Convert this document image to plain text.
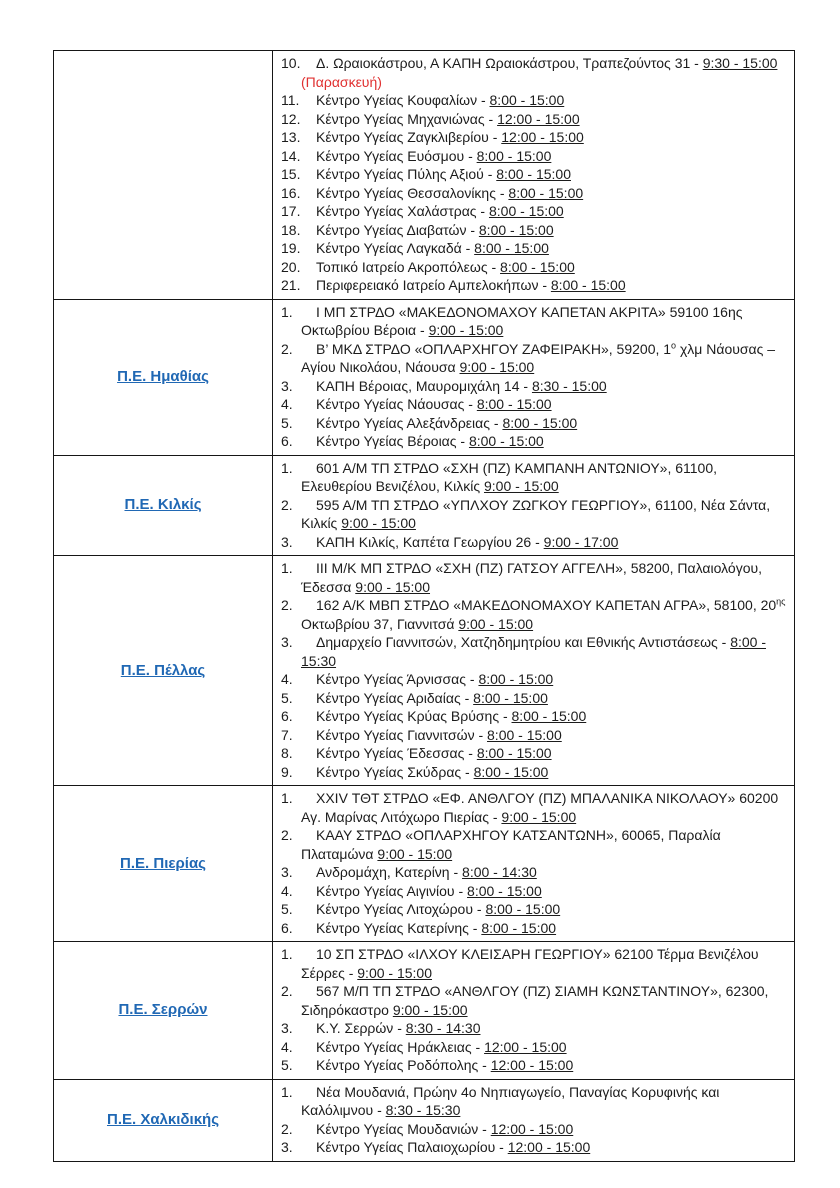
10. Δ. Ωραιοκάστρου, Α ΚΑΠΗ Ωραιοκάστρου, Τραπεζούντος 31 - 9:30 - 15:00
(Παρασκευή)
11. Κέντρο Υγείας Κουφαλίων - 8:00 - 15:00
12. Κέντρο Υγείας Μηχανιώνας - 12:00 - 15:00
13. Κέντρο Υγείας Ζαγκλιβερίου - 12:00 - 15:00
14. Κέντρο Υγείας Ευόσμου - 8:00 - 15:00
15. Κέντρο Υγείας Πύλης Αξιού - 8:00 - 15:00
16. Κέντρο Υγείας Θεσσαλονίκης - 8:00 - 15:00
17. Κέντρο Υγείας Χαλάστρας - 8:00 - 15:00
18. Κέντρο Υγείας Διαβατών - 8:00 - 15:00
19. Κέντρο Υγείας Λαγκαδά - 8:00 - 15:00
20. Τοπικό Ιατρείο Ακροπόλεως - 8:00 - 15:00
21. Περιφερειακό Ιατρείο Αμπελοκήπων - 8:00 - 15:00

Π.Ε. Ημαθίας	
1. Ι ΜΠ ΣΤΡΔΟ «ΜΑΚΕΔΟΝΟΜΑΧΟΥ ΚΑΠΕΤΑΝ ΑΚΡΙΤΑ» 59100 16ης Οκτωβρίου Βέροια - 9:00 - 15:00
2. Β’ ΜΚΔ ΣΤΡΔΟ «ΟΠΛΑΡΧΗΓΟΥ ΖΑΦΕΙΡΑΚΗ», 59200, $1^o$ χλμ Νάουσας – Αγίου Νικολάου, Νάουσα 9:00 - 15:00
3. ΚΑΠΗ Βέροιας, Μαυρομιχάλη 14 - 8:30 - 15:00
4. Κέντρο Υγείας Νάουσας - 8:00 - 15:00
5. Κέντρο Υγείας Αλεξάνδρειας - 8:00 - 15:00
6. Κέντρο Υγείας Βέροιας - 8:00 - 15:00

Π.Ε. Κιλκίς	1. 601 Α/Μ ΤΠ ΣΤΡΔΟ «ΣΧΗ (ΠΖ) ΚΑΜΠΑΝΗ ΑΝΤΩΝΙΟΥ», 61100, Ελευθερίου Βενιζέλου, Κιλκίς 9:00 - 15:00
2. 595 Α/Μ ΤΠ ΣΤΡΔΟ «ΥΠΛΧΟΥ ΖΩΓΚΟΥ ΓΕΩΡΓΙΟΥ», 61100, Νέα Σάντα, Κιλκίς 9:00 - 15:00
3. ΚΑΠΗ Κιλκίς, Καπέτα Γεωργίου 26 - 9:00 - 17:00

Π.Ε. Πέλλας	
1. ΙΙΙ Μ/Κ ΜΠ ΣΤΡΔΟ «ΣΧΗ (ΠΖ) ΓΑΤΣΟΥ ΑΓΓΕΛΗ», 58200, Παλαιολόγου, Έδεσσα 9:00 - 15:00
2. 162 Α/Κ ΜΒΠ ΣΤΡΔΟ «ΜΑΚΕΔΟΝΟΜΑΧΟΥ ΚΑΠΕΤΑΝ ΑΓΡΑ», 58100, $20^{\eta\varsigma}$ Οκτωβρίου 37, Γιαννιτσά 9:00 - 15:00
3. Δημαρχείο Γιαννιτσών, Χατζηδημητρίου και Εθνικής Αντιστάσεως - 8:00 - 15:30
4. Κέντρο Υγείας Άρνισσας - 8:00 - 15:00
5. Κέντρο Υγείας Αριδαίας - 8:00 - 15:00
6. Κέντρο Υγείας Κρύας Βρύσης - 8:00 - 15:00
7. Κέντρο Υγείας Γιαννιτσών - 8:00 - 15:00
8. Κέντρο Υγείας Έδεσσας - 8:00 - 15:00
9. Κέντρο Υγείας Σκύδρας - 8:00 - 15:00

Π.Ε. Πιερίας	
1. XXIV ΤΘΤ ΣΤΡΔΟ «ΕΦ. ΑΝΘΛΓΟΥ (ΠΖ) ΜΠΑΛΑΝΙΚΑ ΝΙΚΟΛΑΟΥ» 60200 Αγ. Μαρίνας Λιτόχωρο Πιερίας - 9:00 - 15:00
2. ΚΑΑΥ ΣΤΡΔΟ «ΟΠΛΑΡΧΗΓΟΥ ΚΑΤΣΑΝΤΩΝΗ», 60065, Παραλία Πλαταμώνα 9:00 - 15:00
3. Ανδρομάχη, Κατερίνη - 8:00 - 14:30
4. Κέντρο Υγείας Αιγινίου - 8:00 - 15:00
5. Κέντρο Υγείας Λιτοχώρου - 8:00 - 15:00
6. Κέντρο Υγείας Κατερίνης - 8:00 - 15:00

Π.Ε. Σερρών	1. 10 ΣΠ ΣΤΡΔΟ «ΙΛΧΟΥ ΚΛΕΙΣΑΡΗ ΓΕΩΡΓΙΟΥ» 62100 Τέρμα Βενιζέλου Σέρρες - 9:00 - 15:00
2. 567 Μ/Π ΤΠ ΣΤΡΔΟ «ΑΝΘΛΓΟΥ (ΠΖ) ΣΙΑΜΗ ΚΩΝΣΤΑΝΤΙΝΟΥ», 62300, Σιδηρόκαστρο 9:00 - 15:00
3. Κ.Υ. Σερρών - 8:30 - 14:30
4. Κέντρο Υγείας Ηράκλειας - 12:00 - 15:00
5. Κέντρο Υγείας Ροδόπολης - 12:00 - 15:00

Π.Ε. Χαλκιδικής	1. Νέα Μουδανιά, Πρώην 4ο Νηπιαγωγείο, Παναγίας Κορυφινής και Καλόλιμνου - 8:30 - 15:30
2. Κέντρο Υγείας Μουδανιών - 12:00 - 15:00
3. Κέντρο Υγείας Παλαιοχωρίου - 12:00 - 15:00
